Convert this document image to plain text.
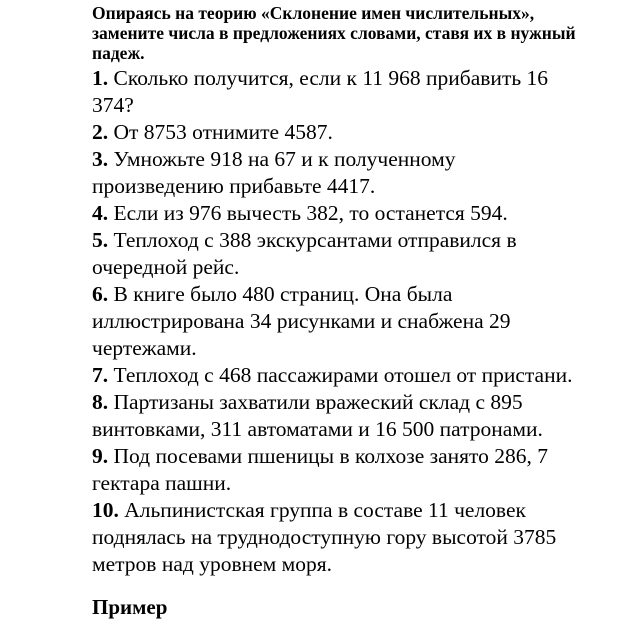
Опираясь на теорию «Склонение имен числительных», замените числа в предложениях словами, ставя их в нужный падеж.

1. Сколько получится, если к 11 968 прибавить 16 374?
2. От 8753 отнимите 4587.
3. Умножьте 918 на 67 и к полученному произведению прибавьте 4417.
4. Если из 976 вычесть 382, то останется 594.
5. Теплоход с 388 экскурсантами отправился в очередной рейс.
6. В книге было 480 страниц. Она была иллюстрирована 34 рисунками и снабжена 29 чертежами.
7. Теплоход с 468 пассажирами отошел от пристани.
8. Партизаны захватили вражеский склад с 895 винтовками, 311 автоматами и 16 500 патронами.
9. Под посевами пшеницы в колхозе занято 286, 7 гектара пашни.
10. Альпинистская группа в составе 11 человек поднялась на труднодоступную гору высотой 3785 метров над уровнем моря.
Пример
